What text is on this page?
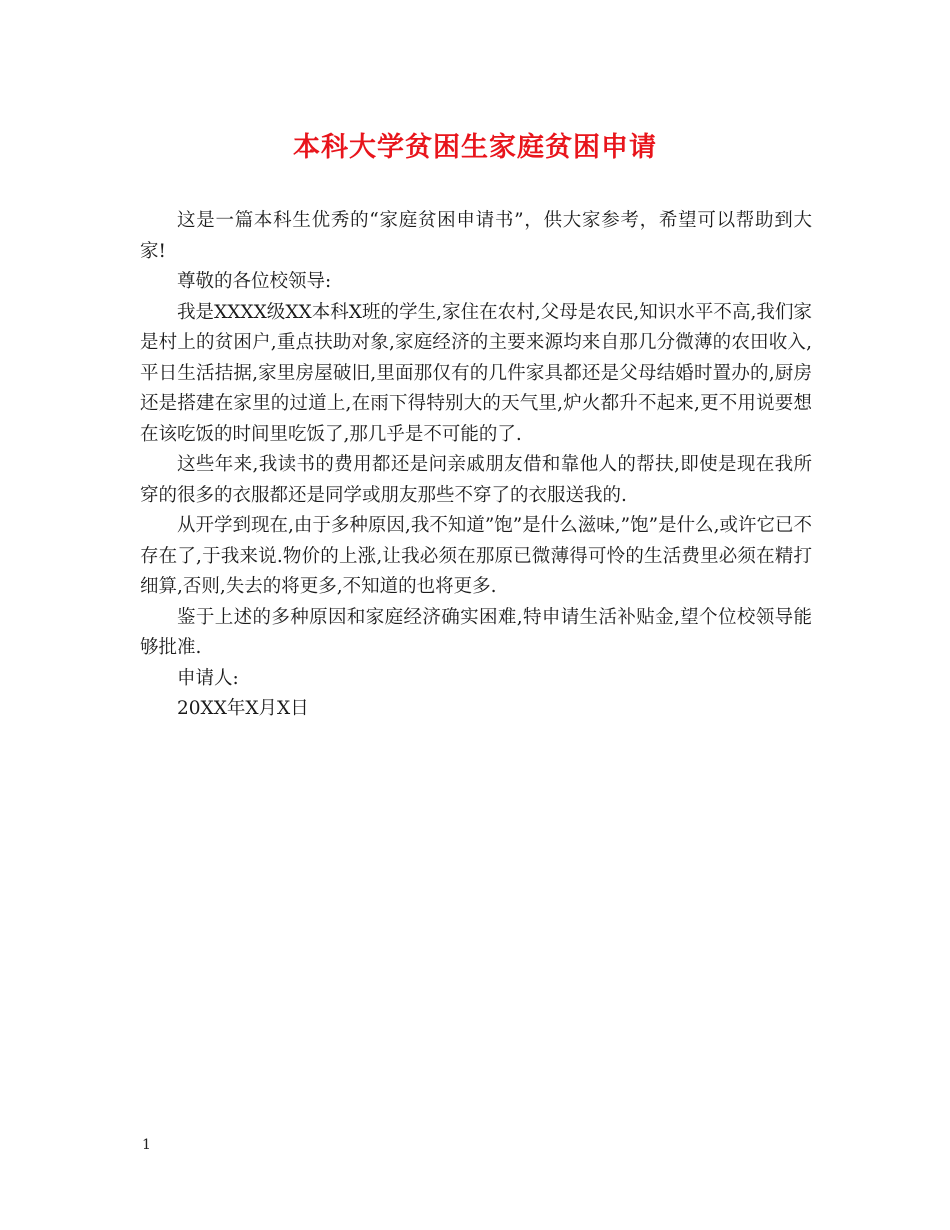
本科大学贫困生家庭贫困申请

这是一篇本科生优秀的“家庭贫困申请书”，供大家参考，希望可以帮助到大家!

尊敬的各位校领导:

我是XXXX级XX本科X班的学生,家住在农村,父母是农民,知识水平不高,我们家是村上的贫困户,重点扶助对象,家庭经济的主要来源均来自那几分微薄的农田收入,平日生活拮据,家里房屋破旧,里面那仅有的几件家具都还是父母结婚时置办的,厨房还是搭建在家里的过道上,在雨下得特别大的天气里,炉火都升不起来,更不用说要想在该吃饭的时间里吃饭了,那几乎是不可能的了.

这些年来,我读书的费用都还是问亲戚朋友借和靠他人的帮扶,即使是现在我所穿的很多的衣服都还是同学或朋友那些不穿了的衣服送我的.

从开学到现在,由于多种原因,我不知道”饱”是什么滋味,”饱”是什么,或许它已不存在了,于我来说.物价的上涨,让我必须在那原已微薄得可怜的生活费里必须在精打细算,否则,失去的将更多,不知道的也将更多.

鉴于上述的多种原因和家庭经济确实困难,特申请生活补贴金,望个位校领导能够批准.

申请人:

20XX年X月X日

1
